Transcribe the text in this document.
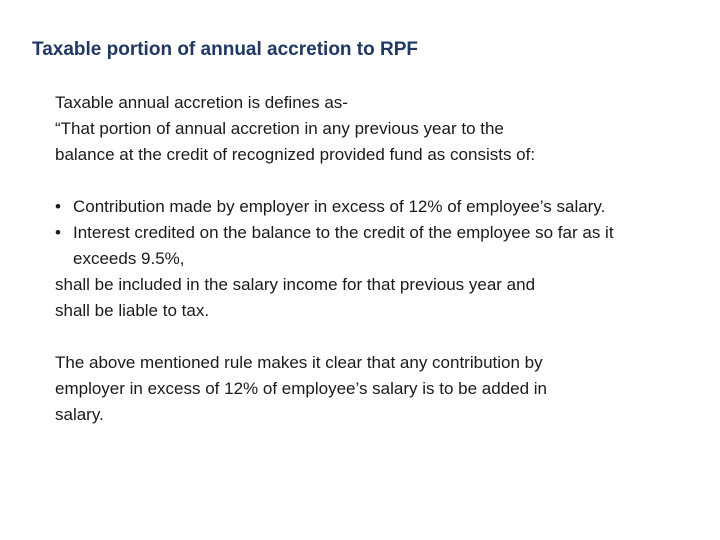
Taxable portion of annual accretion to RPF
Taxable annual accretion is defines as-
“That portion of annual accretion in any previous year to the
balance at the credit of recognized provided fund as consists of:
• Contribution made by employer in excess of 12% of employee’s salary.
• Interest credited on the balance to the credit of the employee so far as it exceeds 9.5%,
shall be included in the salary income for that previous year and
shall be liable to tax.
The above mentioned rule makes it clear that any contribution by
employer in excess of 12% of employee’s salary is to be added in
salary.
